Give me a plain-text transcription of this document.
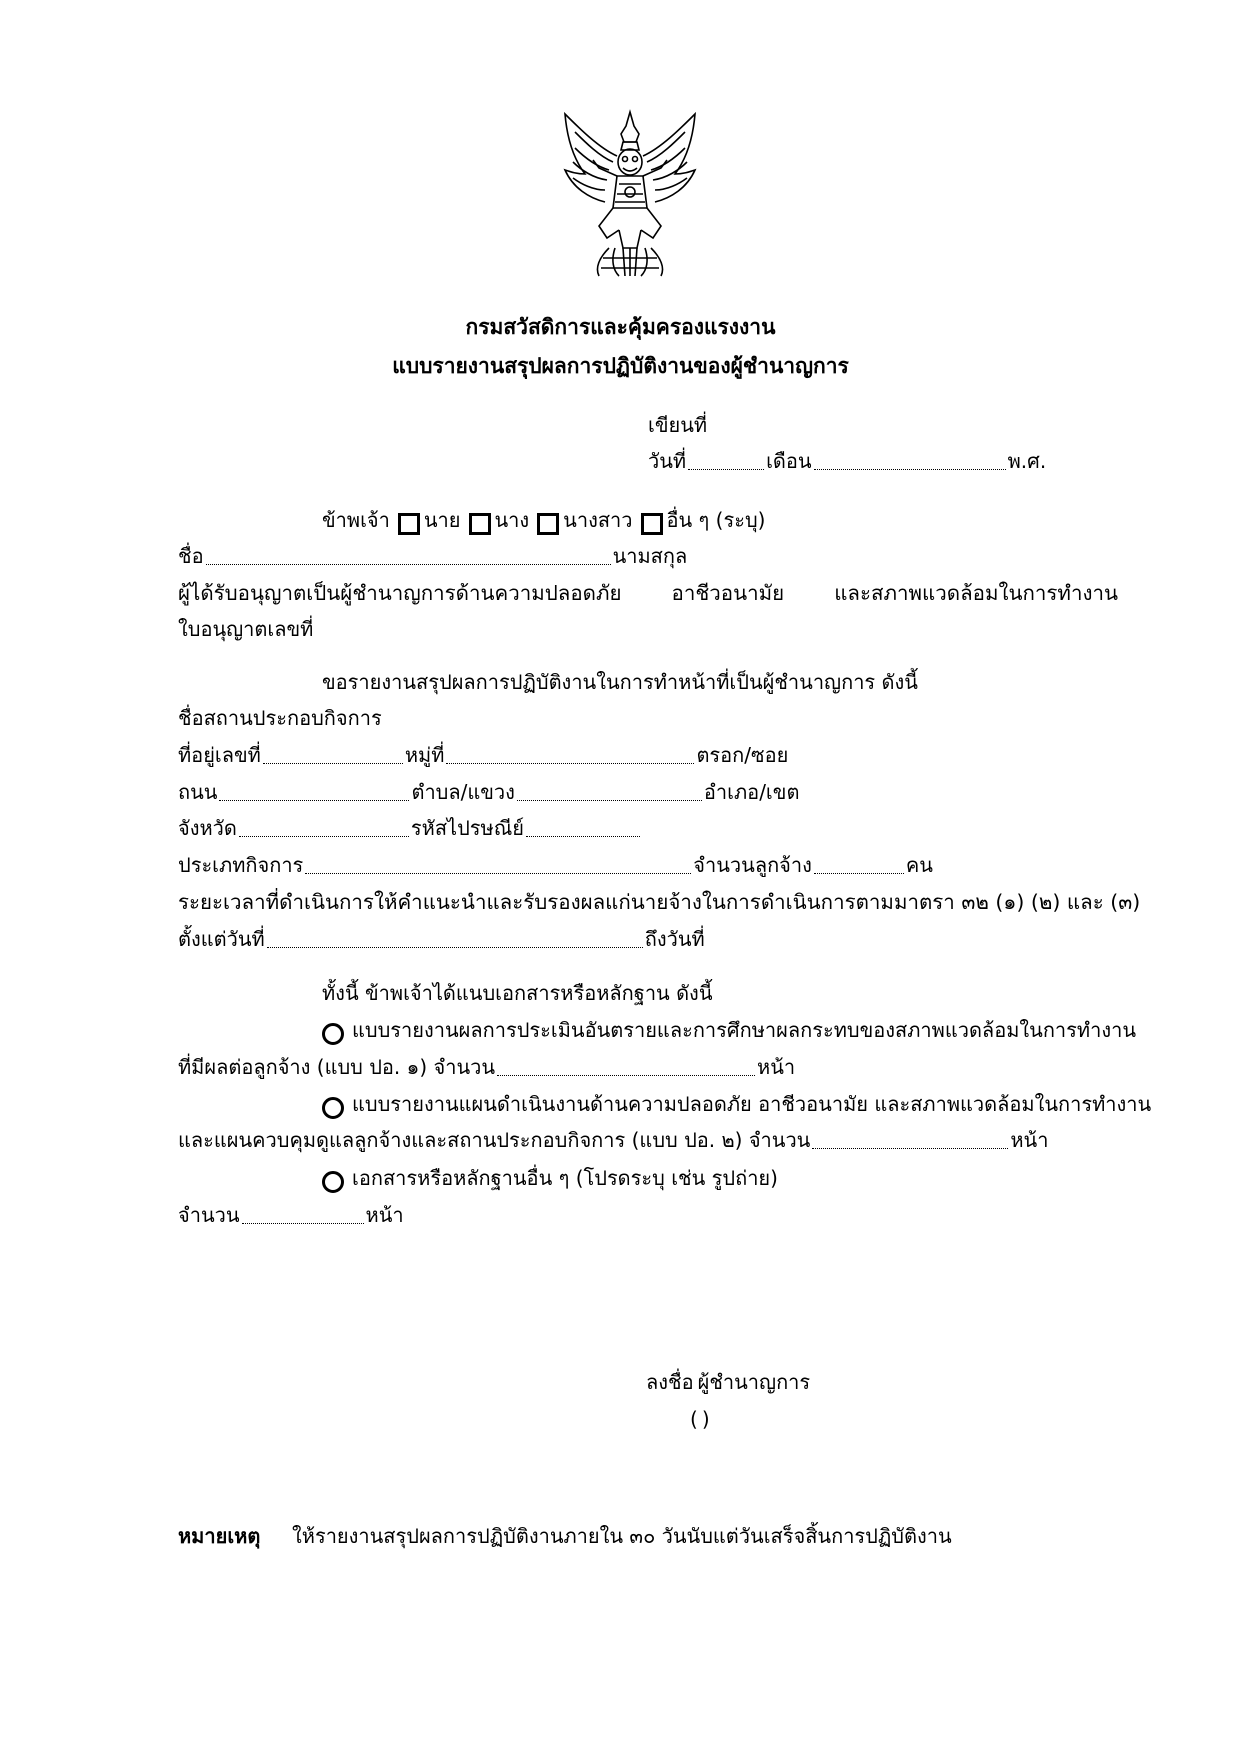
กรมสวัสดิการและคุ้มครองแรงงาน
แบบรายงานสรุปผลการปฏิบัติงานของผู้ชำนาญการ
เขียนที่
วันที่	เดือน	พ.ศ.
ข้าพเจ้า นาย นาง นางสาว อื่น ๆ (ระบุ)
ชื่อ	นามสกุล
ผู้ได้รับอนุญาตเป็นผู้ชำนาญการด้านความปลอดภัย อาชีวอนามัย และสภาพแวดล้อมในการทำงาน
ใบอนุญาตเลขที่
ขอรายงานสรุปผลการปฏิบัติงานในการทำหน้าที่เป็นผู้ชำนาญการ ดังนี้
ชื่อสถานประกอบกิจการ
ที่อยู่เลขที่	หมู่ที่	ตรอก/ซอย
ถนน	ตำบล/แขวง	อำเภอ/เขต
จังหวัด	รหัสไปรษณีย์
ประเภทกิจการ	จำนวนลูกจ้าง	คน
ระยะเวลาที่ดำเนินการให้คำแนะนำและรับรองผลแก่นายจ้างในการดำเนินการตามมาตรา ๓๒ (๑) (๒) และ (๓)
ตั้งแต่วันที่	ถึงวันที่
ทั้งนี้ ข้าพเจ้าได้แนบเอกสารหรือหลักฐาน ดังนี้
แบบรายงานผลการประเมินอันตรายและการศึกษาผลกระทบของสภาพแวดล้อมในการทำงาน
ที่มีผลต่อลูกจ้าง (แบบ ปอ. ๑) จำนวน	หน้า
แบบรายงานแผนดำเนินงานด้านความปลอดภัย อาชีวอนามัย และสภาพแวดล้อมในการทำงาน
และแผนควบคุมดูแลลูกจ้างและสถานประกอบกิจการ (แบบ ปอ. ๒) จำนวน	หน้า
เอกสารหรือหลักฐานอื่น ๆ (โปรดระบุ เช่น รูปถ่าย)
จำนวน	หน้า
ลงชื่อ ผู้ชำนาญการ
( )
หมายเหตุ	ให้รายงานสรุปผลการปฏิบัติงานภายใน ๓๐ วันนับแต่วันเสร็จสิ้นการปฏิบัติงาน
